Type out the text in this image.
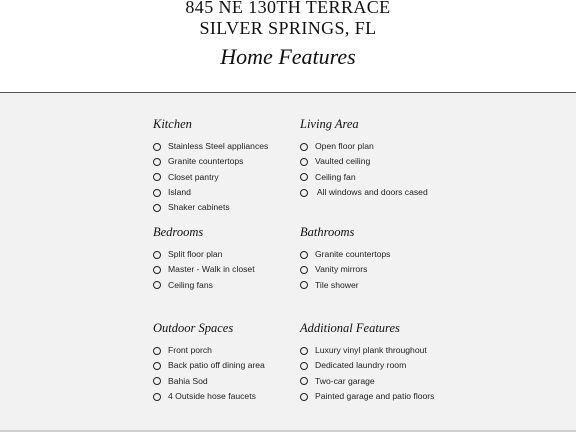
845 NE 130TH TERRACE
SILVER SPRINGS, FL
Home Features
Kitchen
Stainless Steel appliances
Granite countertops
Closet pantry
Island
Shaker cabinets
Living Area
Open floor plan
Vaulted ceiling
Ceiling fan
All windows and doors cased
Bedrooms
Split floor plan
Master - Walk in closet
Ceiling fans
Bathrooms
Granite countertops
Vanity mirrors
Tile shower
Outdoor Spaces
Front porch
Back patio off dining area
Bahia Sod
4 Outside hose faucets
Additional Features
Luxury vinyl plank throughout
Dedicated laundry room
Two-car garage
Painted garage and patio floors
